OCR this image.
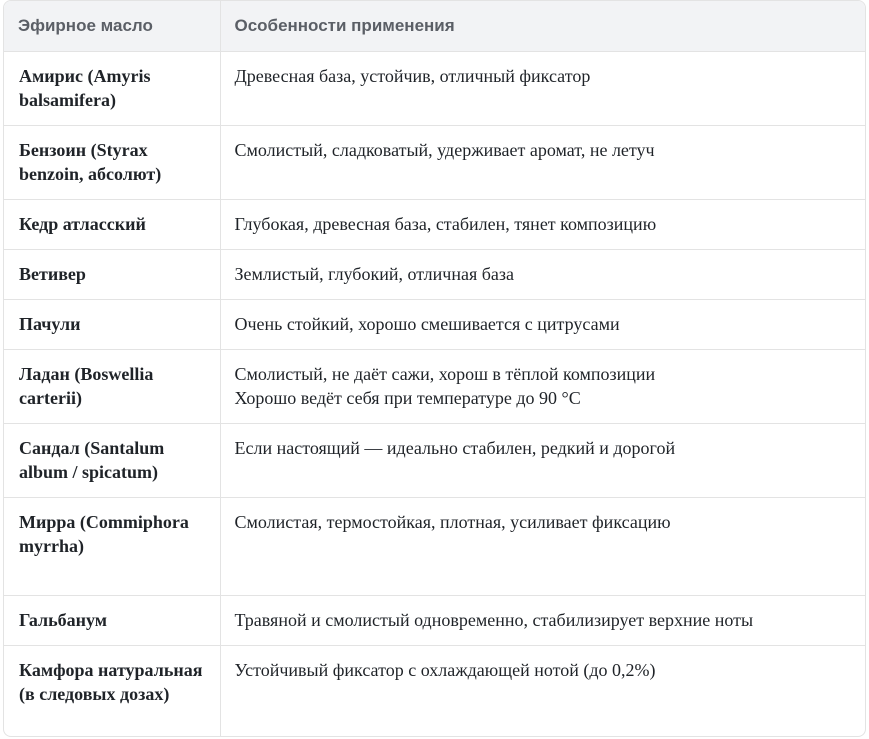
Эфирное масло	Особенности применения
Амирис (Amyris balsamifera)	Древесная база, устойчив, отличный фиксатор

Бензоин (Styrax benzoin, абсолют)	Смолистый, сладковатый, удерживает аромат, не летуч

Кедр атласский	Глубокая, древесная база, стабилен, тянет композицию

Ветивер	Землистый, глубокий, отличная база

Пачули	Очень стойкий, хорошо смешивается с цитрусами

Ладан (Boswellia carterii)	Смолистый, не даёт сажи, хорош в тёплой композиции
Хорошо ведёт себя при температуре до 90 °C

Сандал (Santalum album / spicatum)	Если настоящий — идеально стабилен, редкий и дорогой

Мирра (Commiphora myrrha)	Смолистая, термостойкая, плотная, усиливает фиксацию

Гальбанум	Травяной и смолистый одновременно, стабилизирует верхние ноты

Камфора натуральная (в следовых дозах)	Устойчивый фиксатор с охлаждающей нотой (до 0,2%)
